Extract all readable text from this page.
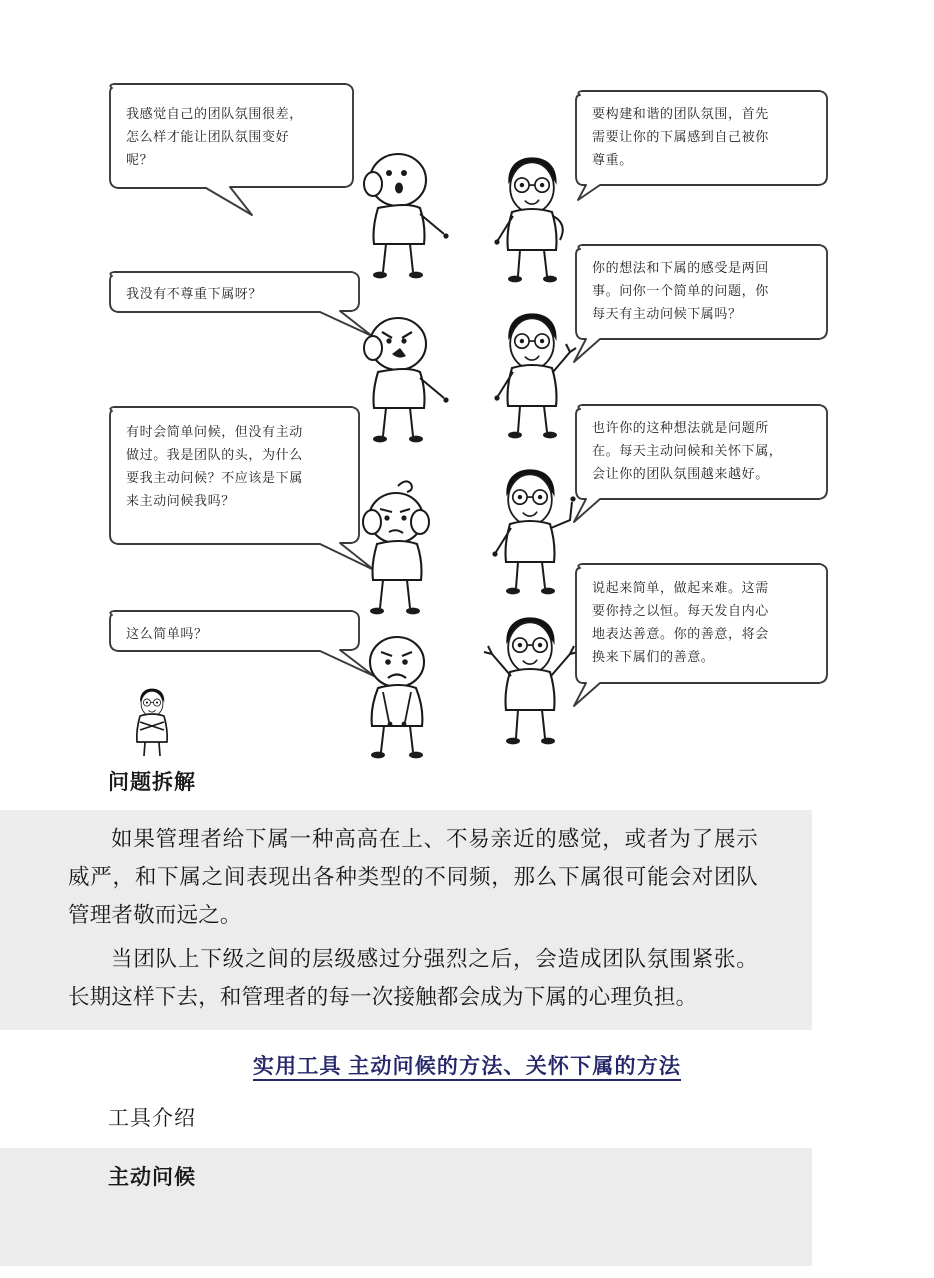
我感觉自己的团队氛围很差，
怎么样才能让团队氛围变好
呢？
要构建和谐的团队氛围，首先
需要让你的下属感到自己被你
尊重。
我没有不尊重下属呀？
你的想法和下属的感受是两回
事。问你一个简单的问题，你
每天有主动问候下属吗？
有时会简单问候，但没有主动
做过。我是团队的头，为什么
要我主动问候？不应该是下属
来主动问候我吗？
也许你的这种想法就是问题所
在。每天主动问候和关怀下属，
会让你的团队氛围越来越好。
这么简单吗？
说起来简单，做起来难。这需
要你持之以恒。每天发自内心
地表达善意。你的善意，将会
换来下属们的善意。
问题拆解

如果管理者给下属一种高高在上、不易亲近的感觉，或者为了展示威严，和下属之间表现出各种类型的不同频，那么下属很可能会对团队管理者敬而远之。

当团队上下级之间的层级感过分强烈之后，会造成团队氛围紧张。长期这样下去，和管理者的每一次接触都会成为下属的心理负担。

实用工具 主动问候的方法、关怀下属的方法
工具介绍
主动问候
